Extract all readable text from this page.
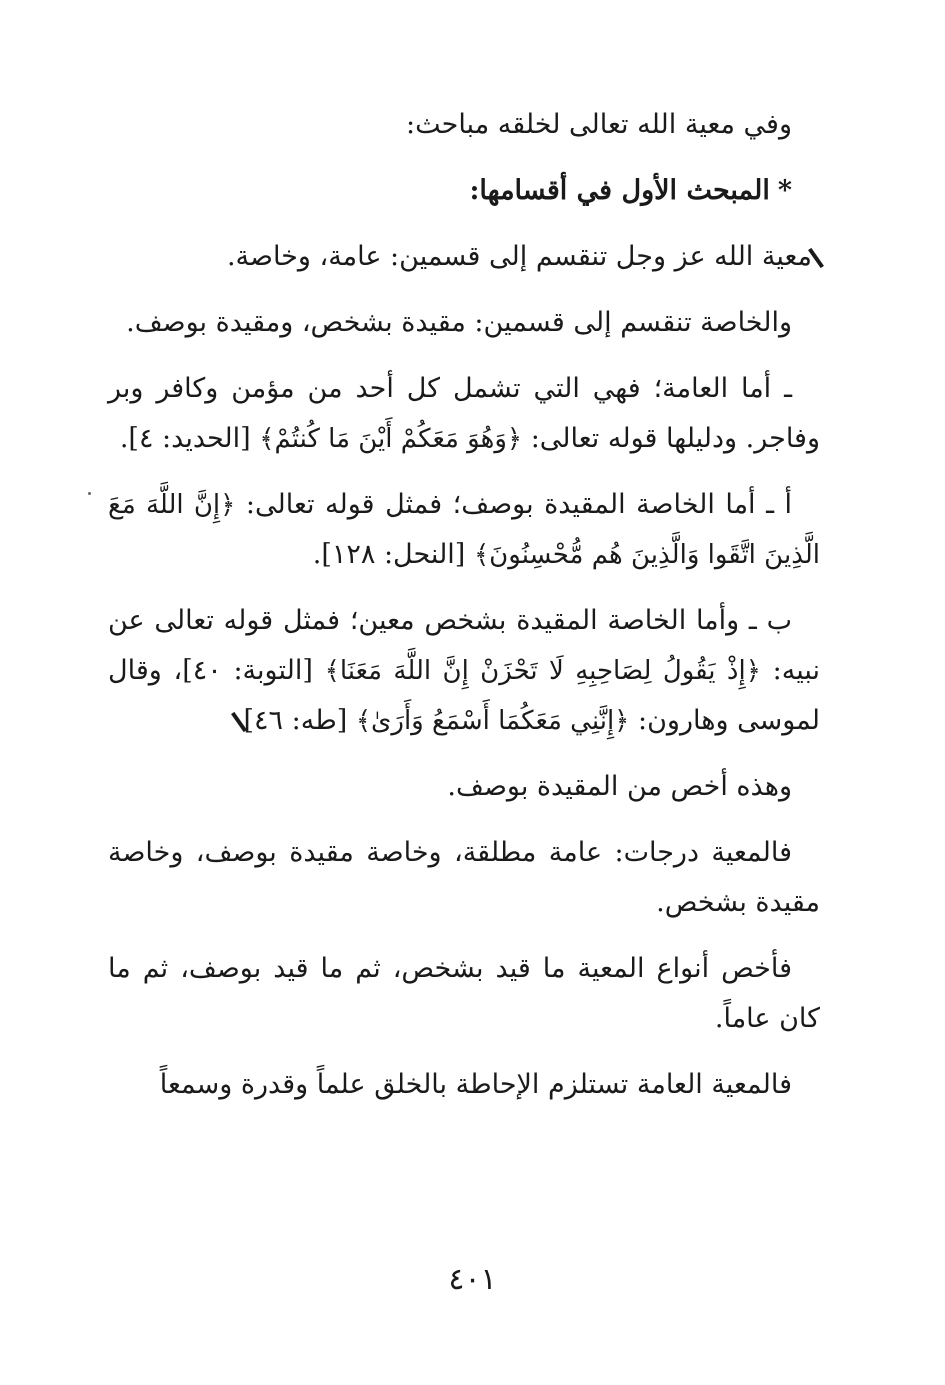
وفي معية الله تعالى لخلقه مباحث:

*المبحث الأول في أقسامها:

معية الله عز وجل تنقسم إلى قسمين: عامة، وخاصة.

والخاصة تنقسم إلى قسمين: مقيدة بشخص، ومقيدة بوصف.

ـ أما العامة؛ فهي التي تشمل كل أحد من مؤمن وكافر وبر وفاجر. ودليلها قوله تعالى: ﴿وَهُوَ مَعَكُمْ أَيْنَ مَا كُنتُمْ﴾ [الحديد: ٤].

أ ـ أما الخاصة المقيدة بوصف؛ فمثل قوله تعالى: ﴿إِنَّ اللَّهَ مَعَ الَّذِينَ اتَّقَوا وَالَّذِينَ هُم مُّحْسِنُونَ﴾ [النحل: ١٢٨].

ب ـ وأما الخاصة المقيدة بشخص معين؛ فمثل قوله تعالى عن نبيه: ﴿إِذْ يَقُولُ لِصَاحِبِهِ لَا تَحْزَنْ إِنَّ اللَّهَ مَعَنَا﴾ [التوبة: ٤٠]، وقال لموسى وهارون: ﴿إِنَّنِي مَعَكُمَا أَسْمَعُ وَأَرَىٰ﴾ [طه: ٤٦]

وهذه أخص من المقيدة بوصف.

فالمعية درجات: عامة مطلقة، وخاصة مقيدة بوصف، وخاصة مقيدة بشخص.

فأخص أنواع المعية ما قيد بشخص، ثم ما قيد بوصف، ثم ما كان عاماً.

فالمعية العامة تستلزم الإحاطة بالخلق علماً وقدرة وسمعاً

٤٠١
